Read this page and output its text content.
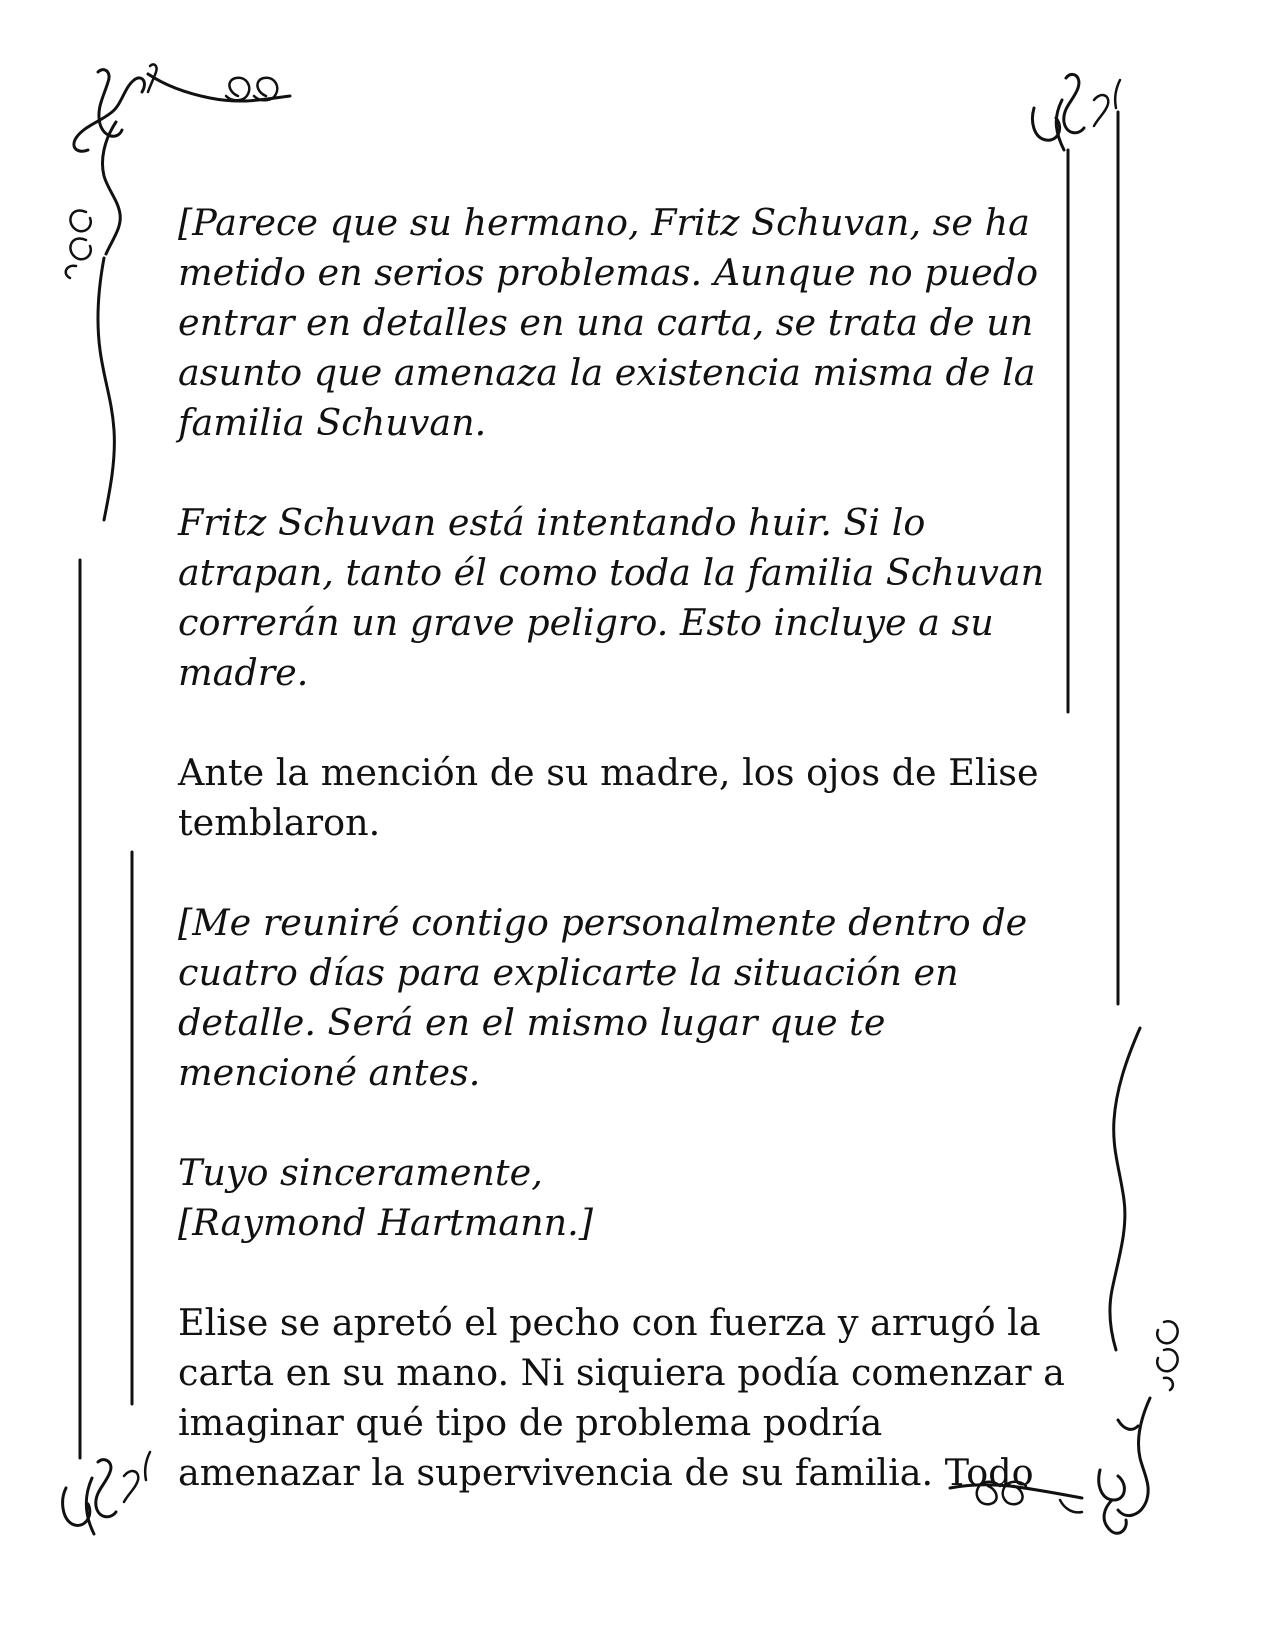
[Parece que su hermano, Fritz Schuvan, se ha
metido en serios problemas. Aunque no puedo
entrar en detalles en una carta, se trata de un
asunto que amenaza la existencia misma de la
familia Schuvan.
Fritz Schuvan está intentando huir. Si lo
atrapan, tanto él como toda la familia Schuvan
correrán un grave peligro. Esto incluye a su
madre.
Ante la mención de su madre, los ojos de Elise
temblaron.
[Me reuniré contigo personalmente dentro de
cuatro días para explicarte la situación en
detalle. Será en el mismo lugar que te
mencioné antes.
Tuyo sinceramente,
[Raymond Hartmann.]
Elise se apretó el pecho con fuerza y arrugó la
carta en su mano. Ni siquiera podía comenzar a
imaginar qué tipo de problema podría
amenazar la supervivencia de su familia. Todo
